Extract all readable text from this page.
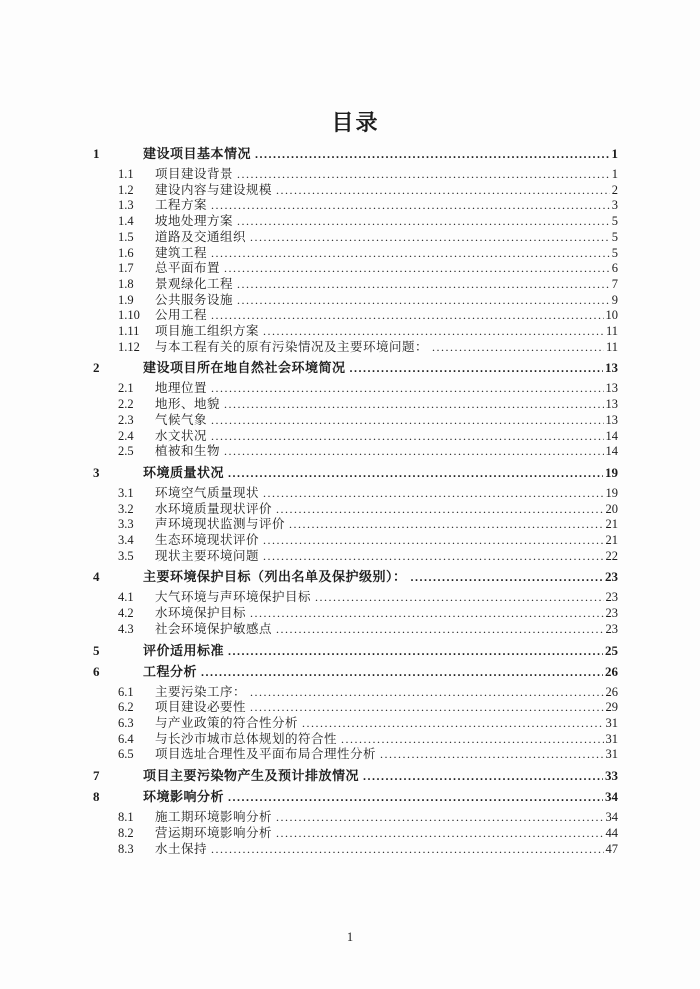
目录
1	建设项目基本情况 .....	1
1.1	项目建设背景 .....	1
1.2	建设内容与建设规模 .....	2
1.3	工程方案 .....	3
1.4	坡地处理方案 .....	5
1.5	道路及交通组织 .....	5
1.6	建筑工程 .....	5
1.7	总平面布置 .....	6
1.8	景观绿化工程 .....	7
1.9	公共服务设施 .....	9
1.10	公用工程 .....	10
1.11	项目施工组织方案 .....	11
1.12	与本工程有关的原有污染情况及主要环境问题： .....	11
2	建设项目所在地自然社会环境简况 .....	13
2.1	地理位置 .....	13
2.2	地形、地貌 .....	13
2.3	气候气象 .....	13
2.4	水文状况 .....	14
2.5	植被和生物 .....	14
3	环境质量状况 .....	19
3.1	环境空气质量现状 .....	19
3.2	水环境质量现状评价 .....	20
3.3	声环境现状监测与评价 .....	21
3.4	生态环境现状评价 .....	21
3.5	现状主要环境问题 .....	22
4	主要环境保护目标（列出名单及保护级别）： .....	23
4.1	大气环境与声环境保护目标 .....	23
4.2	水环境保护目标 .....	23
4.3	社会环境保护敏感点 .....	23
5	评价适用标准 .....	25
6	工程分析 .....	26
6.1	主要污染工序： .....	26
6.2	项目建设必要性 .....	29
6.3	与产业政策的符合性分析 .....	31
6.4	与长沙市城市总体规划的符合性 .....	31
6.5	项目选址合理性及平面布局合理性分析 .....	31
7	项目主要污染物产生及预计排放情况 .....	33
8	环境影响分析 .....	34
8.1	施工期环境影响分析 .....	34
8.2	营运期环境影响分析 .....	44
8.3	水土保持 .....	47
1
